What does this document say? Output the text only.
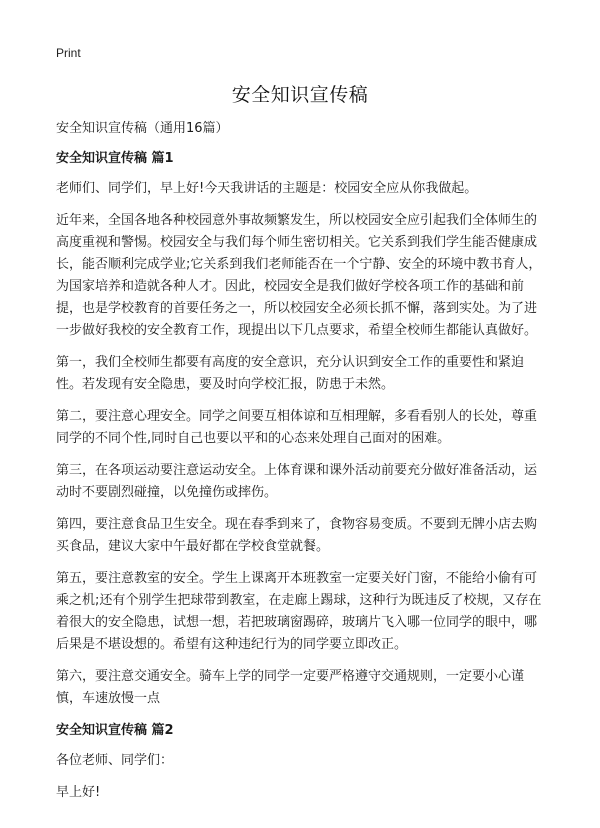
Print
安全知识宣传稿

安全知识宣传稿（通用16篇）

安全知识宣传稿 篇1

老师们、同学们，早上好!今天我讲话的主题是：校园安全应从你我做起。

近年来，全国各地各种校园意外事故频繁发生，所以校园安全应引起我们全体师生的高度重视和警惕。校园安全与我们每个师生密切相关。它关系到我们学生能否健康成长，能否顺利完成学业;它关系到我们老师能否在一个宁静、安全的环境中教书育人，为国家培养和造就各种人才。因此，校园安全是我们做好学校各项工作的基础和前提，也是学校教育的首要任务之一，所以校园安全必须长抓不懈，落到实处。为了进一步做好我校的安全教育工作，现提出以下几点要求，希望全校师生都能认真做好。

第一，我们全校师生都要有高度的安全意识，充分认识到安全工作的重要性和紧迫性。若发现有安全隐患，要及时向学校汇报，防患于未然。

第二，要注意心理安全。同学之间要互相体谅和互相理解，多看看别人的长处，尊重同学的不同个性,同时自己也要以平和的心态来处理自己面对的困难。

第三，在各项运动要注意运动安全。上体育课和课外活动前要充分做好准备活动，运动时不要剧烈碰撞，以免撞伤或摔伤。

第四，要注意食品卫生安全。现在春季到来了，食物容易变质。不要到无牌小店去购买食品，建议大家中午最好都在学校食堂就餐。

第五，要注意教室的安全。学生上课离开本班教室一定要关好门窗，不能给小偷有可乘之机;还有个别学生把球带到教室，在走廊上踢球，这种行为既违反了校规，又存在着很大的安全隐患，试想一想，若把玻璃窗踢碎，玻璃片飞入哪一位同学的眼中，哪后果是不堪设想的。希望有这种违纪行为的同学要立即改正。

第六，要注意交通安全。骑车上学的同学一定要严格遵守交通规则，一定要小心谨慎，车速放慢一点

安全知识宣传稿 篇2

各位老师、同学们：

早上好!
